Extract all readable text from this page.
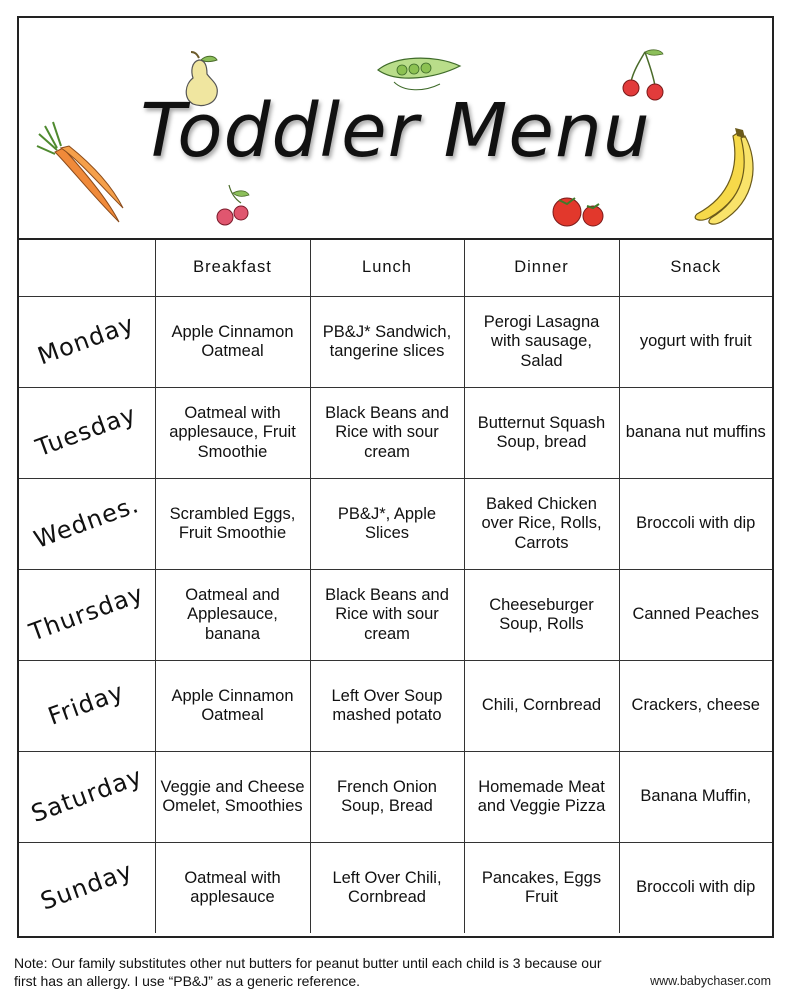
Toddler Menu
	Breakfast	Lunch	Dinner	Snack
Monday	Apple Cinnamon Oatmeal	PB&J* Sandwich, tangerine slices	Perogi Lasagna with sausage, Salad	yogurt with fruit
Tuesday	Oatmeal with applesauce, Fruit Smoothie	Black Beans and Rice with sour cream	Butternut Squash Soup, bread	banana nut muffins
Wednes.	Scrambled Eggs, Fruit Smoothie	PB&J*, Apple Slices	Baked Chicken over Rice, Rolls, Carrots	Broccoli with dip
Thursday	Oatmeal and Applesauce, banana	Black Beans and Rice with sour cream	Cheeseburger Soup, Rolls	Canned Peaches
Friday	Apple Cinnamon Oatmeal	Left Over Soup mashed potato	Chili, Cornbread	Crackers, cheese
Saturday	Veggie and Cheese Omelet, Smoothies	French Onion Soup, Bread	Homemade Meat and Veggie Pizza	Banana Muffin,
Sunday	Oatmeal with applesauce	Left Over Chili, Cornbread	Pancakes, Eggs Fruit	Broccoli with dip
Note: Our family substitutes other nut butters for peanut butter until each child is 3 because our first has an allergy. I use “PB&J” as a generic reference.	www.babychaser.com
